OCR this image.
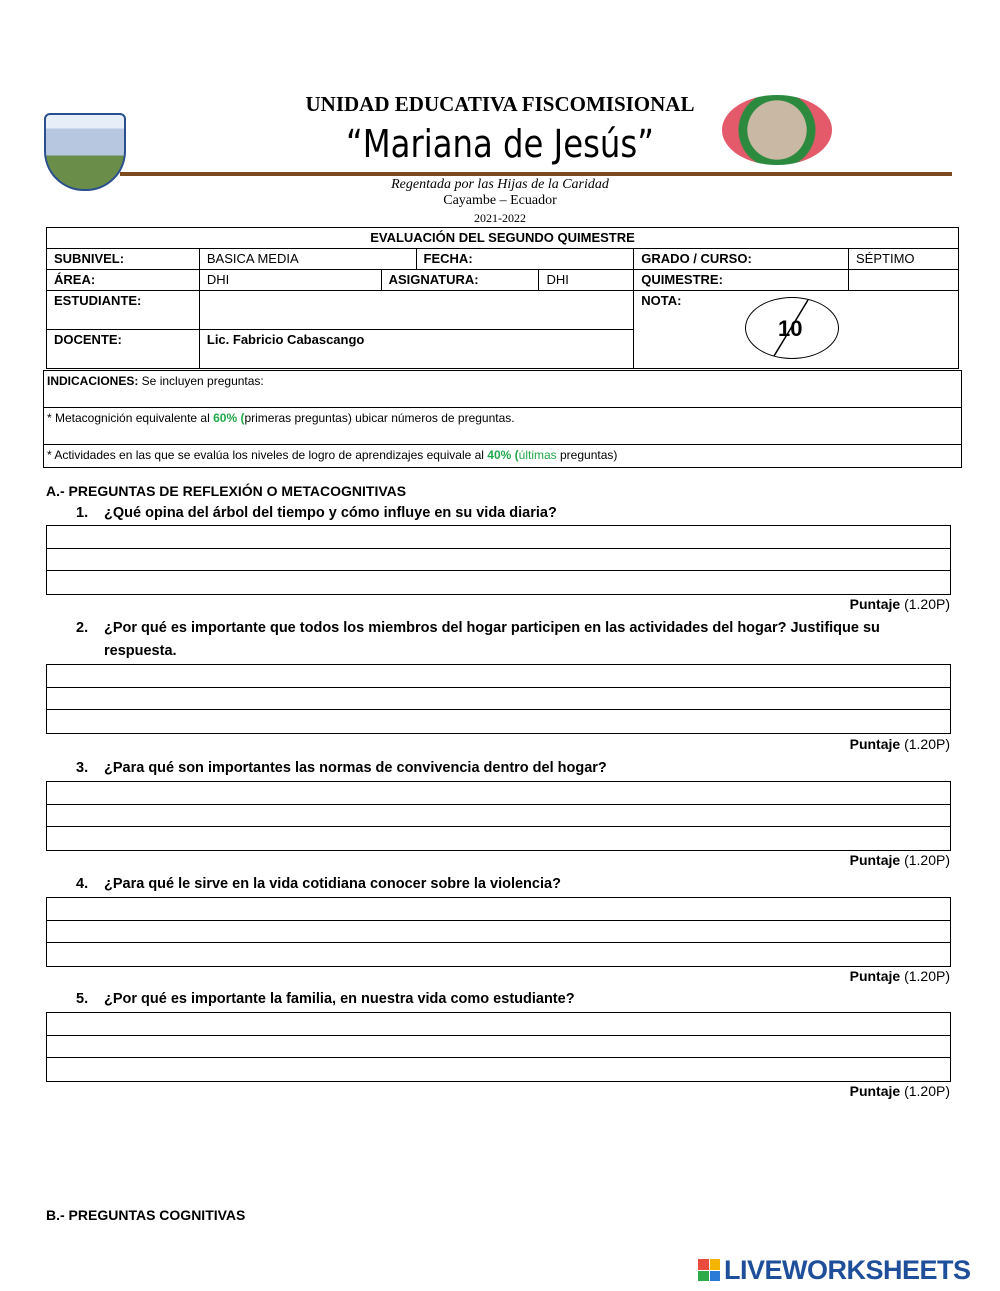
UNIDAD EDUCATIVA FISCOMISIONAL
“Mariana de Jesús”
Regentada por las Hijas de la Caridad
Cayambe – Ecuador
2021-2022
EVALUACIÓN DEL SEGUNDO QUIMESTRE						
SUBNIVEL:	BASICA MEDIA		FECHA:		GRADO / CURSO:	SÉPTIMO
ÁREA:	DHI	ASIGNATURA:		DHI	QUIMESTRE:	
ESTUDIANTE:					NOTA:	
DOCENTE:	Lic. Fabricio Cabascango						10
INDICACIONES: Se incluyen preguntas:
* Metacognición equivalente al 60% (primeras preguntas) ubicar números de preguntas.
* Actividades en las que se evalúa los niveles de logro de aprendizajes equivale al 40% (últimas preguntas)
A.- PREGUNTAS DE REFLEXIÓN O METACOGNITIVAS
1. ¿Qué opina del árbol del tiempo y cómo influye en su vida diaria?
Puntaje (1.20P)
2. ¿Por qué es importante que todos los miembros del hogar participen en las actividades del hogar? Justifique su respuesta.
Puntaje (1.20P)
3. ¿Para qué son importantes las normas de convivencia dentro del hogar?
Puntaje (1.20P)
4. ¿Para qué le sirve en la vida cotidiana conocer sobre la violencia?
Puntaje (1.20P)
5. ¿Por qué es importante la familia, en nuestra vida como estudiante?
Puntaje (1.20P)
B.- PREGUNTAS COGNITIVAS
LIVEWORKSHEETS
